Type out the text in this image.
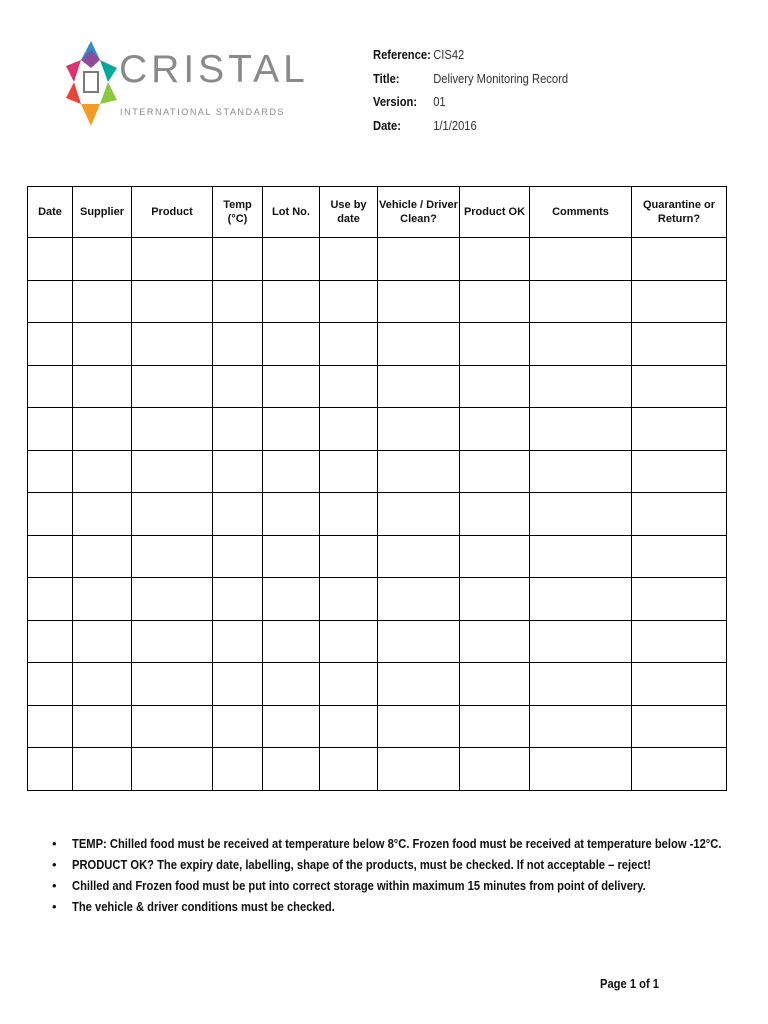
CRISTAL
INTERNATIONAL STANDARDS
Reference: CIS42
Title:	Delivery Monitoring Record
Version:	01
Date:	1/1/2016
Date	Supplier	Product	Temp (°C)	Lot No.	Use by date	Vehicle / Driver Clean?	Product OK	Comments	Quarantine or Return?

• TEMP: Chilled food must be received at temperature below 8°C. Frozen food must be received at temperature below -12°C.
• PRODUCT OK? The expiry date, labelling, shape of the products, must be checked. If not acceptable – reject!
• Chilled and Frozen food must be put into correct storage within maximum 15 minutes from point of delivery.
• The vehicle & driver conditions must be checked.
Page 1 of 1
